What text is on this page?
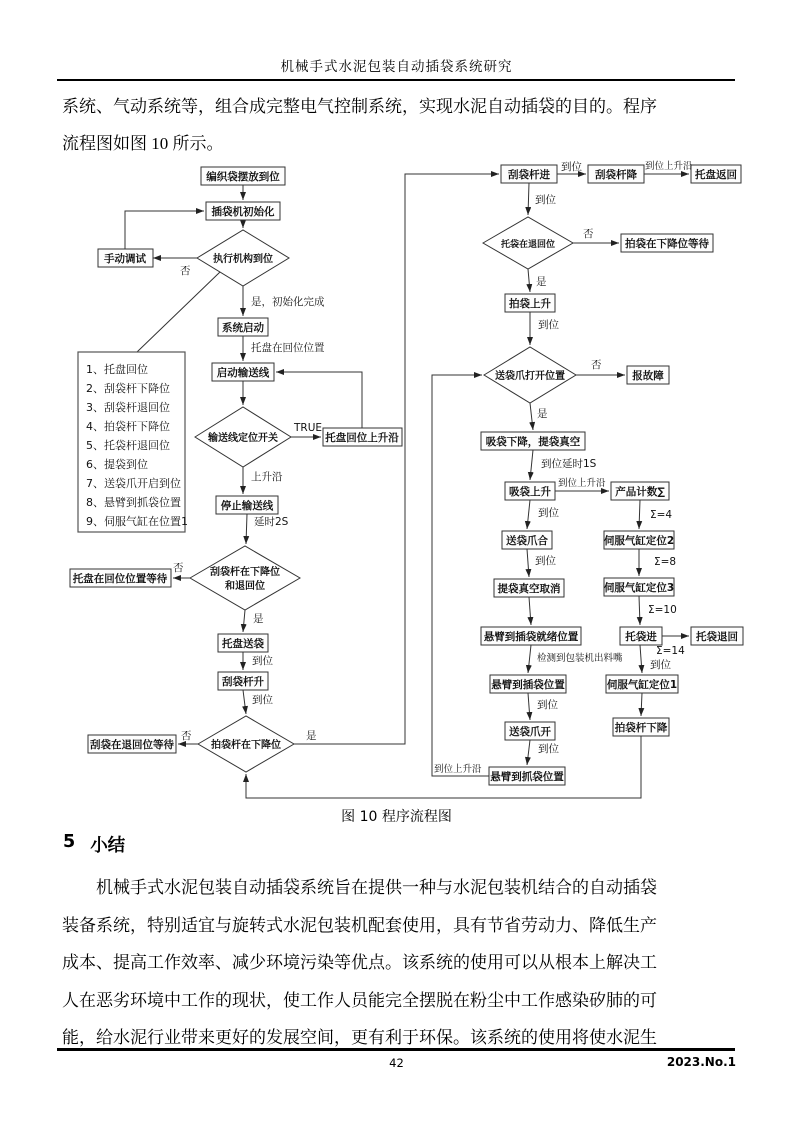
机械手式水泥包装自动插袋系统研究
系统、气动系统等，组合成完整电气控制系统，实现水泥自动插袋的目的。程序
流程图如图 10 所示。
1、托盘回位
2、刮袋杆下降位
3、刮袋杆退回位
4、拍袋杆下降位
5、托袋杆退回位
6、提袋到位
7、送袋爪开启到位
8、悬臂到抓袋位置
9、伺服气缸在位置1
编织袋摆放到位
插袋机初始化
手动调试
系统启动
启动输送线
托盘回位上升沿
停止输送线
托盘在回位位置等待
托盘送袋
刮袋杆升
刮袋在退回位等待
刮袋杆进	刮袋杆降	托盘返回
拍袋在下降位等待
拍袋上升
报故障
吸袋下降，提袋真空
吸袋上升	产品计数∑
送袋爪合
提袋真空取消
悬臂到插袋就绪位置
悬臂到插袋位置
送袋爪开
悬臂到抓袋位置
伺服气缸定位2
伺服气缸定位3
托袋进	托袋退回
伺服气缸定位1
拍袋杆下降
执行机构到位
输送线定位开关
刮袋杆在下降位
和退回位
拍袋杆在下降位
托袋在退回位
送袋爪打开位置
否
是，初始化完成
托盘在回位位置
TRUE
上升沿
延时2S
否
是
到位
到位
否	是
到位	到位上升沿
到位
否
是
到位
否
是
到位延时1S
到位上升沿
到位
到位
检测到包装机出料嘴
到位
到位
到位上升沿
Σ=4
Σ=8
Σ=10
Σ=14
到位
图 10 程序流程图
5 小结
机械手式水泥包装自动插袋系统旨在提供一种与水泥包装机结合的自动插袋
装备系统，特别适宜与旋转式水泥包装机配套使用，具有节省劳动力、降低生产
成本、提高工作效率、减少环境污染等优点。该系统的使用可以从根本上解决工
人在恶劣环境中工作的现状，使工作人员能完全摆脱在粉尘中工作感染矽肺的可
能，给水泥行业带来更好的发展空间，更有利于环保。该系统的使用将使水泥生
42	2023.No.1
